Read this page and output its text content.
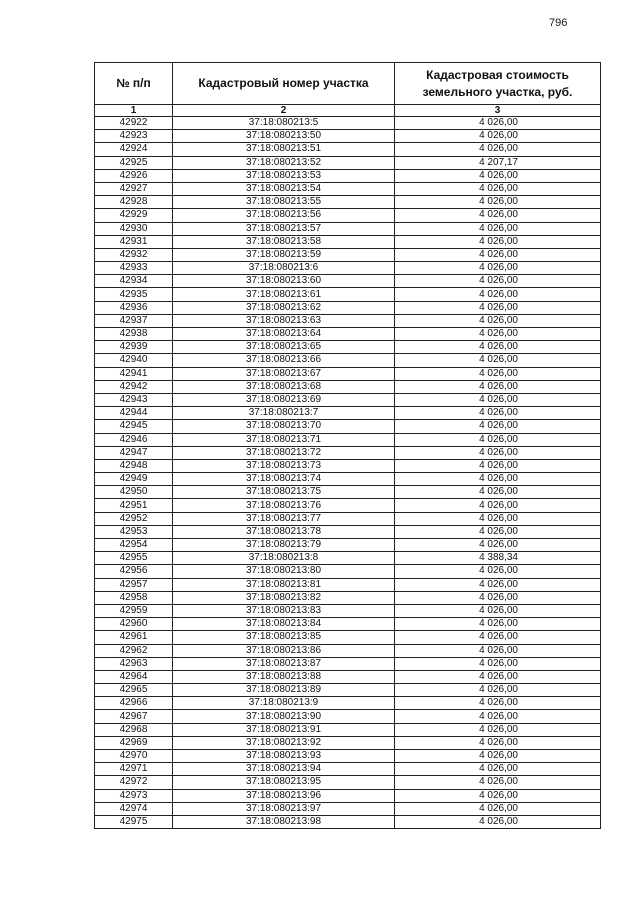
796
№ п/п	Кадастровый номер участка	Кадастровая стоимость земельного участка, руб.
1	2	3
42922	37:18:080213:5	4 026,00
42923	37:18:080213:50	4 026,00
42924	37:18:080213:51	4 026,00
42925	37:18:080213:52	4 207,17
42926	37:18:080213:53	4 026,00
42927	37:18:080213:54	4 026,00
42928	37:18:080213:55	4 026,00
42929	37:18:080213:56	4 026,00
42930	37:18:080213:57	4 026,00
42931	37:18:080213:58	4 026,00
42932	37:18:080213:59	4 026,00
42933	37:18:080213:6	4 026,00
42934	37:18:080213:60	4 026,00
42935	37:18:080213:61	4 026,00
42936	37:18:080213:62	4 026,00
42937	37:18:080213:63	4 026,00
42938	37:18:080213:64	4 026,00
42939	37:18:080213:65	4 026,00
42940	37:18:080213:66	4 026,00
42941	37:18:080213:67	4 026,00
42942	37:18:080213:68	4 026,00
42943	37:18:080213:69	4 026,00
42944	37:18:080213:7	4 026,00
42945	37:18:080213:70	4 026,00
42946	37:18:080213:71	4 026,00
42947	37:18:080213:72	4 026,00
42948	37:18:080213:73	4 026,00
42949	37:18:080213:74	4 026,00
42950	37:18:080213:75	4 026,00
42951	37:18:080213:76	4 026,00
42952	37:18:080213:77	4 026,00
42953	37:18:080213:78	4 026,00
42954	37:18:080213:79	4 026,00
42955	37:18:080213:8	4 388,34
42956	37:18:080213:80	4 026,00
42957	37:18:080213:81	4 026,00
42958	37:18:080213:82	4 026,00
42959	37:18:080213:83	4 026,00
42960	37:18:080213:84	4 026,00
42961	37:18:080213:85	4 026,00
42962	37:18:080213:86	4 026,00
42963	37:18:080213:87	4 026,00
42964	37:18:080213:88	4 026,00
42965	37:18:080213:89	4 026,00
42966	37:18:080213:9	4 026,00
42967	37:18:080213:90	4 026,00
42968	37:18:080213:91	4 026,00
42969	37:18:080213:92	4 026,00
42970	37:18:080213:93	4 026,00
42971	37:18:080213:94	4 026,00
42972	37:18:080213:95	4 026,00
42973	37:18:080213:96	4 026,00
42974	37:18:080213:97	4 026,00
42975	37:18:080213:98	4 026,00
